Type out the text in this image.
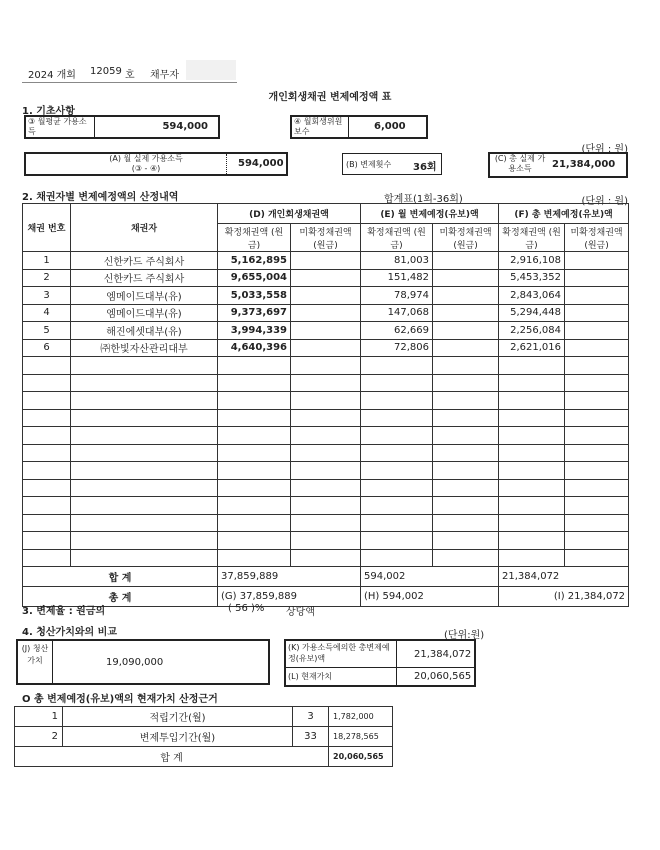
2024 개회 12059 호 채무자
개인회생채권 변제예정액 표
1. 기초사항
③ 월평균 가용소득	594,000	④ 월회생위원 보수	6,000
(단위 : 원)
(A) 월 실제 가용소득
(③ - ④)	594,000	(B) 변제횟수 36회
(C) 총 실제 가용소득	21,384,000
2. 채권자별 변제예정액의 산정내역	합계표(1회-36회)	(단위 : 원)
채권 번호	채권자	(D) 개인회생채권액		(E) 월 변제예정(유보)액		(F) 총 변제예정(유보)액	
		확정채권액 (원금)	미확정채권액 (원금)	확정채권액 (원금)	미확정채권액 (원금)	확정채권액 (원금)	미확정채권액 (원금)
1	신한카드 주식회사	5,162,895		81,003		2,916,108	
2	신한카드 주식회사	9,655,004		151,482		5,453,352	
3	엠메이드대부(유)	5,033,558		78,974		2,843,064	
4	엠메이드대부(유)	9,373,697		147,068		5,294,448	
5	해진에셋대부(유)	3,994,339		62,669		2,256,084	
6	㈜한빛자산관리대부	4,640,396		72,806		2,621,016	

합 계		37,859,889		594,002		21,384,072	
총 계		(G) 37,859,889		(H) 594,002		(I) 21,384,072	
3. 변제율 : 원금의	( 56 )% 상당액
4. 청산가치와의 비교	(단위:원)
(J) 청산 가치	19,090,000
(K) 가용소득에의한 총변제예정(유보)액	21,384,072
(L) 현재가치	20,060,565
O 총 변제예정(유보)액의 현재가치 산정근거
1	적립기간(월)	3	1,782,000
2	변제투입기간(월)	33	18,278,565
합 계			20,060,565
